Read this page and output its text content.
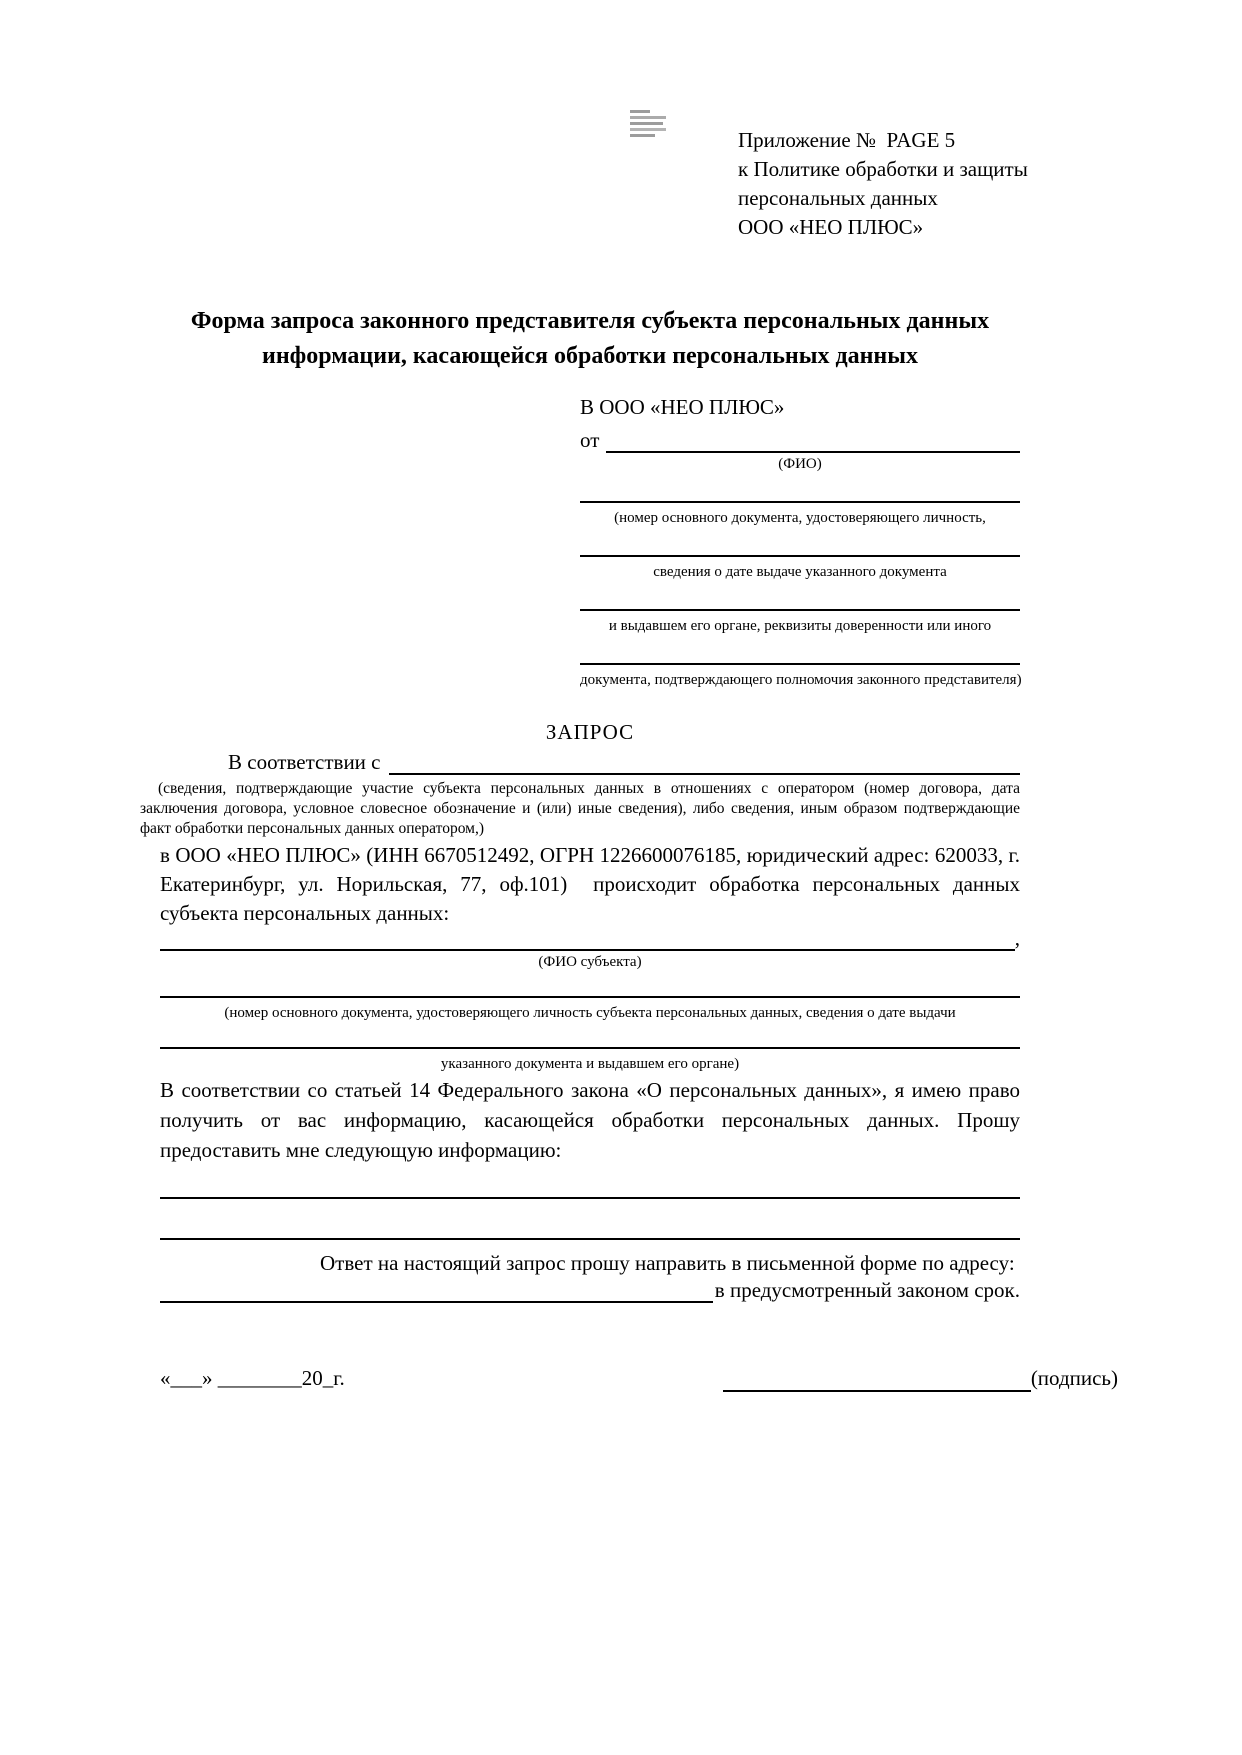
Приложение №  PAGE 5
к Политике обработки и защиты
персональных данных
ООО «НЕО ПЛЮС»
Форма запроса законного представителя субъекта персональных данных
информации, касающейся обработки персональных данных
В ООО «НЕО ПЛЮС»
от
(ФИО)
(номер основного документа, удостоверяющего личность,
сведения о дате выдаче указанного документа
и выдавшем его органе, реквизиты доверенности или иного
документа, подтверждающего полномочия законного представителя)
ЗАПРОС
В соответствии с
(сведения, подтверждающие участие субъекта персональных данных в отношениях с оператором (номер договора, дата заключения договора, условное словесное обозначение и (или) иные сведения), либо сведения, иным образом подтверждающие факт обработки персональных данных оператором,)
в ООО «НЕО ПЛЮС» (ИНН 6670512492, ОГРН 1226600076185, юридический адрес: 620033, г. Екатеринбург, ул. Норильская, 77, оф.101)  происходит обработка персональных данных субъекта персональных данных:
,
(ФИО субъекта)
(номер основного документа, удостоверяющего личность субъекта персональных данных, сведения о дате выдачи
указанного документа и выдавшем его органе)
В соответствии со статьей 14 Федерального закона «О персональных данных», я имею право получить от вас информацию, касающейся обработки персональных данных. Прошу предоставить мне следующую информацию:
Ответ на настоящий запрос прошу направить в письменной форме по адресу:
в предусмотренный законом срок.
«___» ________20_г.	(подпись)
